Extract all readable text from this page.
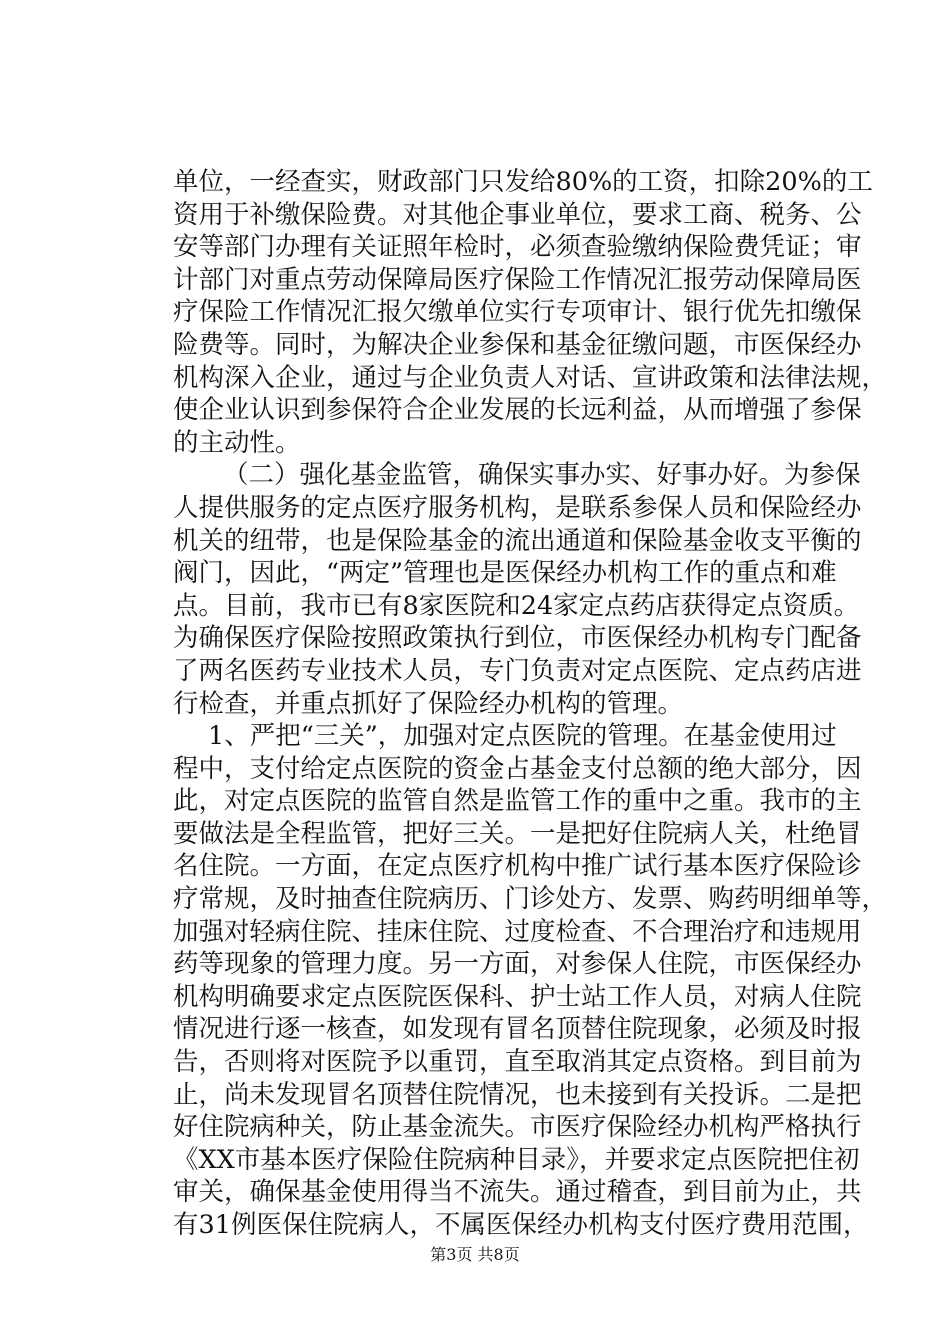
单位，一经查实，财政部门只发给80%的工资，扣除20%的工
资用于补缴保险费。对其他企事业单位，要求工商、税务、公
安等部门办理有关证照年检时，必须查验缴纳保险费凭证；审
计部门对重点劳动保障局医疗保险工作情况汇报劳动保障局医
疗保险工作情况汇报欠缴单位实行专项审计、银行优先扣缴保
险费等。同时，为解决企业参保和基金征缴问题，市医保经办
机构深入企业，通过与企业负责人对话、宣讲政策和法律法规，
使企业认识到参保符合企业发展的长远利益，从而增强了参保
的主动性。
（二）强化基金监管，确保实事办实、好事办好。为参保
人提供服务的定点医疗服务机构，是联系参保人员和保险经办
机关的纽带，也是保险基金的流出通道和保险基金收支平衡的
阀门，因此，“两定”管理也是医保经办机构工作的重点和难
点。目前，我市已有8家医院和24家定点药店获得定点资质。
为确保医疗保险按照政策执行到位，市医保经办机构专门配备
了两名医药专业技术人员，专门负责对定点医院、定点药店进
行检查，并重点抓好了保险经办机构的管理。
1、严把“三关”，加强对定点医院的管理。在基金使用过
程中，支付给定点医院的资金占基金支付总额的绝大部分，因
此，对定点医院的监管自然是监管工作的重中之重。我市的主
要做法是全程监管，把好三关。一是把好住院病人关，杜绝冒
名住院。一方面，在定点医疗机构中推广试行基本医疗保险诊
疗常规，及时抽查住院病历、门诊处方、发票、购药明细单等，
加强对轻病住院、挂床住院、过度检查、不合理治疗和违规用
药等现象的管理力度。另一方面，对参保人住院，市医保经办
机构明确要求定点医院医保科、护士站工作人员，对病人住院
情况进行逐一核查，如发现有冒名顶替住院现象，必须及时报
告，否则将对医院予以重罚，直至取消其定点资格。到目前为
止，尚未发现冒名顶替住院情况，也未接到有关投诉。二是把
好住院病种关，防止基金流失。市医疗保险经办机构严格执行
《XX市基本医疗保险住院病种目录》，并要求定点医院把住初
审关，确保基金使用得当不流失。通过稽查，到目前为止，共
有31例医保住院病人，不属医保经办机构支付医疗费用范围，
第3页 共8页
